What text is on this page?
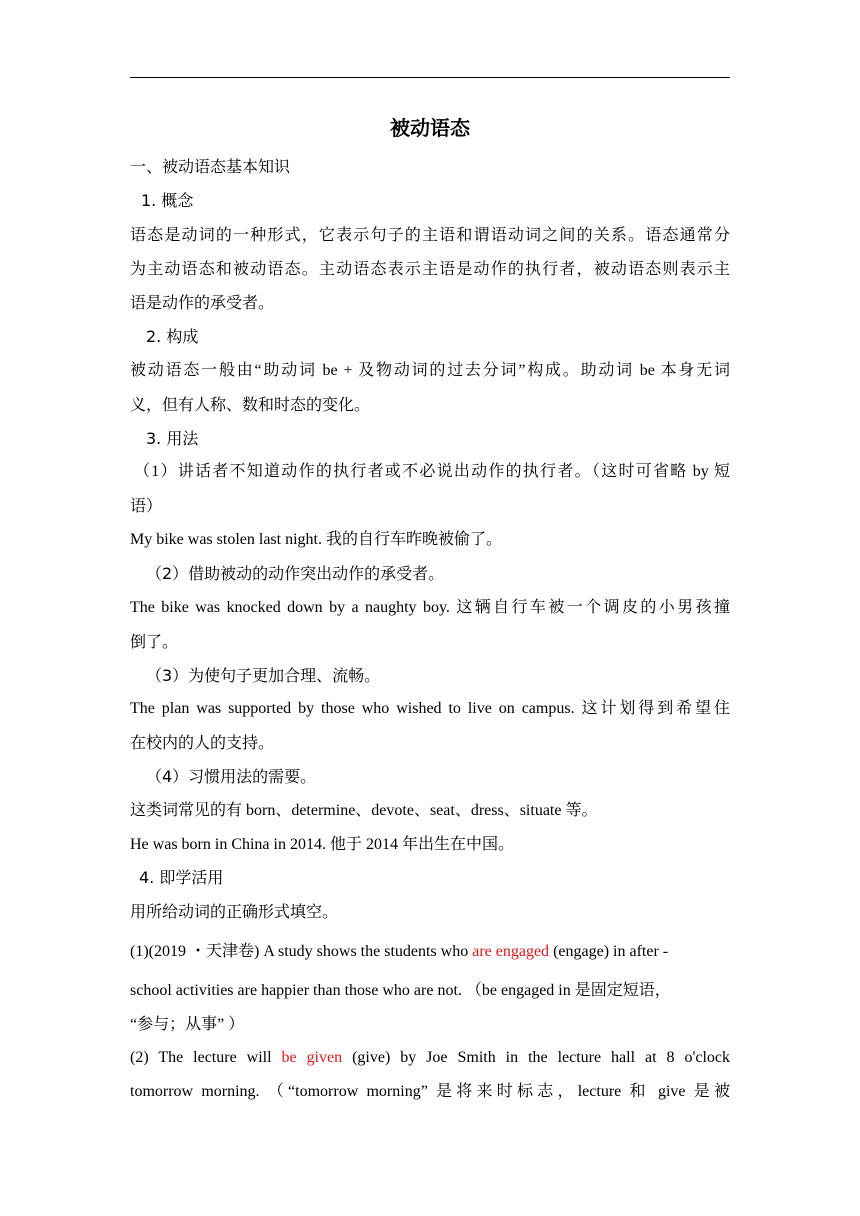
被动语态
一、被动语态基本知识
1. 概念
语态是动词的一种形式，它表示句子的主语和谓语动词之间的关系。语态通常分
为主动语态和被动语态。主动语态表示主语是动作的执行者，被动语态则表示主
语是动作的承受者。
2. 构成
被动语态一般由“助动词 be + 及物动词的过去分词”构成。助动词 be 本身无词
义，但有人称、数和时态的变化。
3. 用法
（1）讲话者不知道动作的执行者或不必说出动作的执行者。（这时可省略 by 短
语）
My bike was stolen last night. 我的自行车昨晚被偷了。
（2）借助被动的动作突出动作的承受者。
The bike was knocked down by a naughty boy. 这辆自行车被一个调皮的小男孩撞
倒了。
（3）为使句子更加合理、流畅。
The plan was supported by those who wished to live on campus. 这计划得到希望住
在校内的人的支持。
（4）习惯用法的需要。
这类词常见的有 born、determine、devote、seat、dress、situate 等。
He was born in China in 2014. 他于 2014 年出生在中国。
4. 即学活用
用所给动词的正确形式填空。
(1)(2019 ・天津卷) A study shows the students who are engaged (engage) in after -
school activities are happier than those who are not. （be engaged in 是固定短语，
“参与；从事” ）
(2) The lecture will be given (give) by Joe Smith in the lecture hall at 8 o'clock
tomorrow morning. （“tomorrow morning” 是将来时标志，lecture 和 give 是被
